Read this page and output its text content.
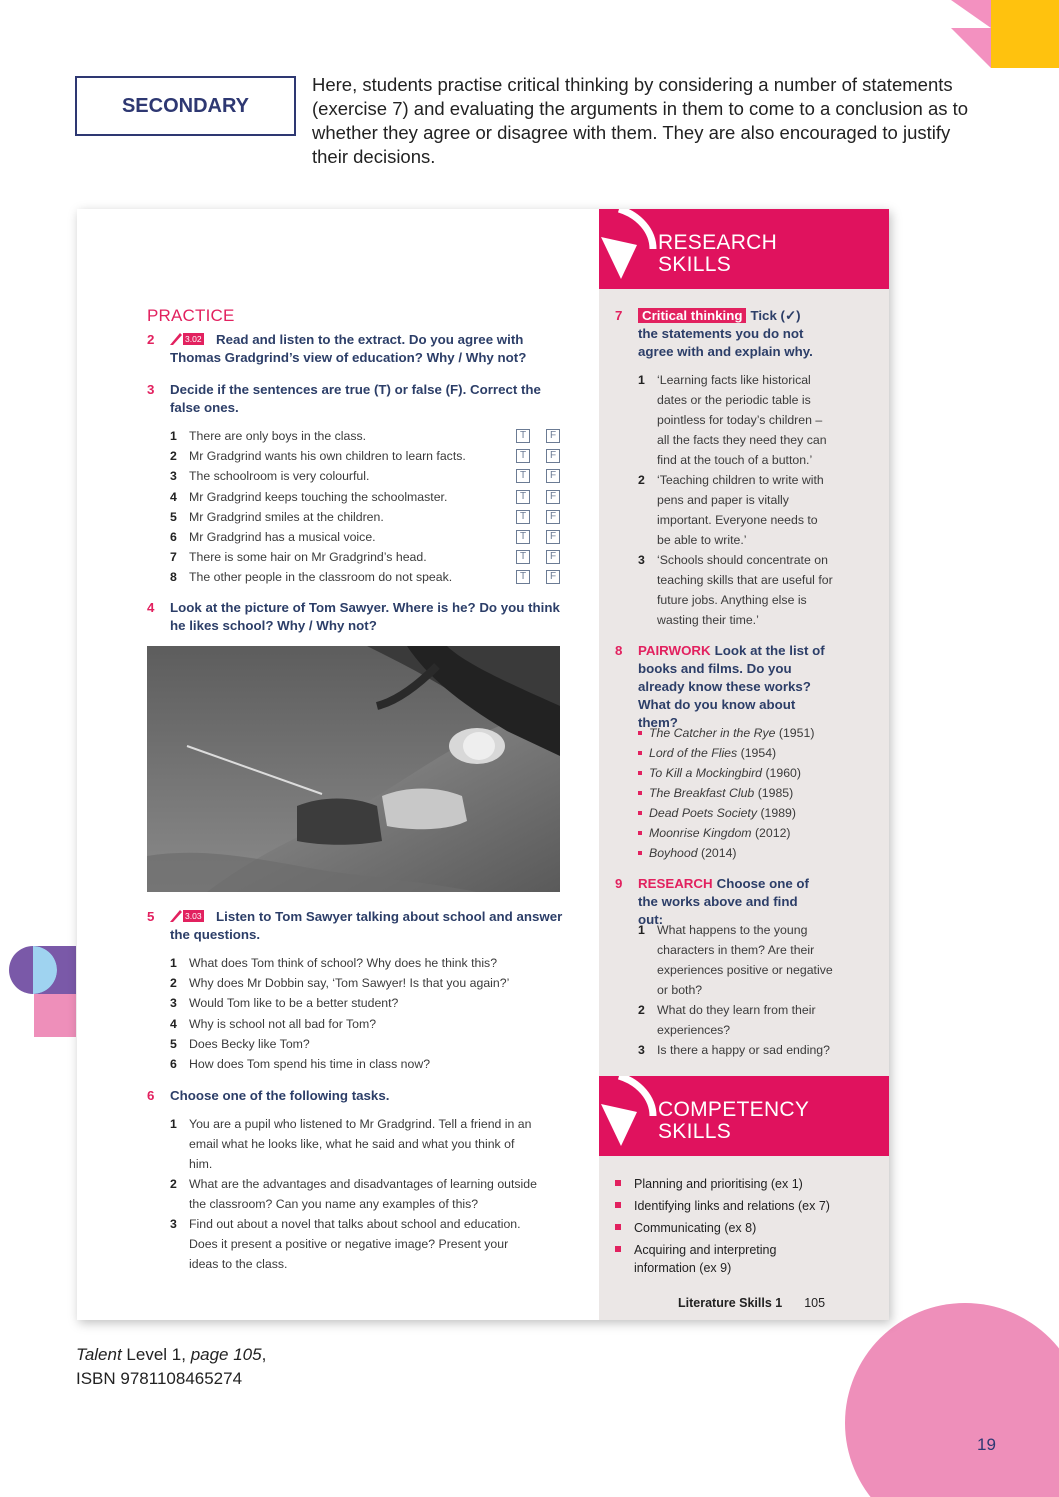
SECONDARY

Here, students practise critical thinking by considering a number of statements (exercise 7) and evaluating the arguments in them to come to a conclusion as to whether they agree or disagree with them. They are also encouraged to justify their decisions.

PRACTICE
2	3.02 Read and listen to the extract. Do you agree with Thomas Gradgrind’s view of education? Why / Why not?
3 Decide if the sentences are true (T) or false (F). Correct the false ones.
1 There are only boys in the class.	T	F
2 Mr Gradgrind wants his own children to learn facts.	T	F
3 The schoolroom is very colourful.	T	F
4 Mr Gradgrind keeps touching the schoolmaster.	T	F
5 Mr Gradgrind smiles at the children.	T	F
6 Mr Gradgrind has a musical voice.	T	F
7 There is some hair on Mr Gradgrind’s head.	T	F
8 The other people in the classroom do not speak.	T	F
4 Look at the picture of Tom Sawyer. Where is he? Do you think he likes school? Why / Why not?
5	3.03 Listen to Tom Sawyer talking about school and answer the questions.
1 What does Tom think of school? Why does he think this?
2 Why does Mr Dobbin say, ‘Tom Sawyer! Is that you again?’
3 Would Tom like to be a better student?
4 Why is school not all bad for Tom?
5 Does Becky like Tom?
6 How does Tom spend his time in class now?
6 Choose one of the following tasks.
1 You are a pupil who listened to Mr Gradgrind. Tell a friend in an email what he looks like, what he said and what you think of him.
2 What are the advantages and disadvantages of learning outside the classroom? Can you name any examples of this?
3 Find out about a novel that talks about school and education. Does it present a positive or negative image? Present your ideas to the class.
RESEARCH
SKILLS
7	Critical thinking Tick (✓) the statements you do not agree with and explain why.
1 ‘Learning facts like historical dates or the periodic table is pointless for today’s children – all the facts they need they can find at the touch of a button.’
2 ‘Teaching children to write with pens and paper is vitally important. Everyone needs to be able to write.’
3 ‘Schools should concentrate on teaching skills that are useful for future jobs. Anything else is wasting their time.’
8 PAIRWORK Look at the list of books and films. Do you already know these works? What do you know about them?
The Catcher in the Rye (1951)
Lord of the Flies (1954)
To Kill a Mockingbird (1960)
The Breakfast Club (1985)
Dead Poets Society (1989)
Moonrise Kingdom (2012)
Boyhood (2014)
9 RESEARCH Choose one of the works above and find out:
1 What happens to the young characters in them? Are their experiences positive or negative or both?
2 What do they learn from their experiences?
3 Is there a happy or sad ending?
COMPETENCY
SKILLS
Planning and prioritising (ex 1)
Identifying links and relations (ex 7)
Communicating (ex 8)
Acquiring and interpreting information (ex 9)
Literature Skills 1 105
Talent Level 1, page 105,
ISBN 9781108465274
19
